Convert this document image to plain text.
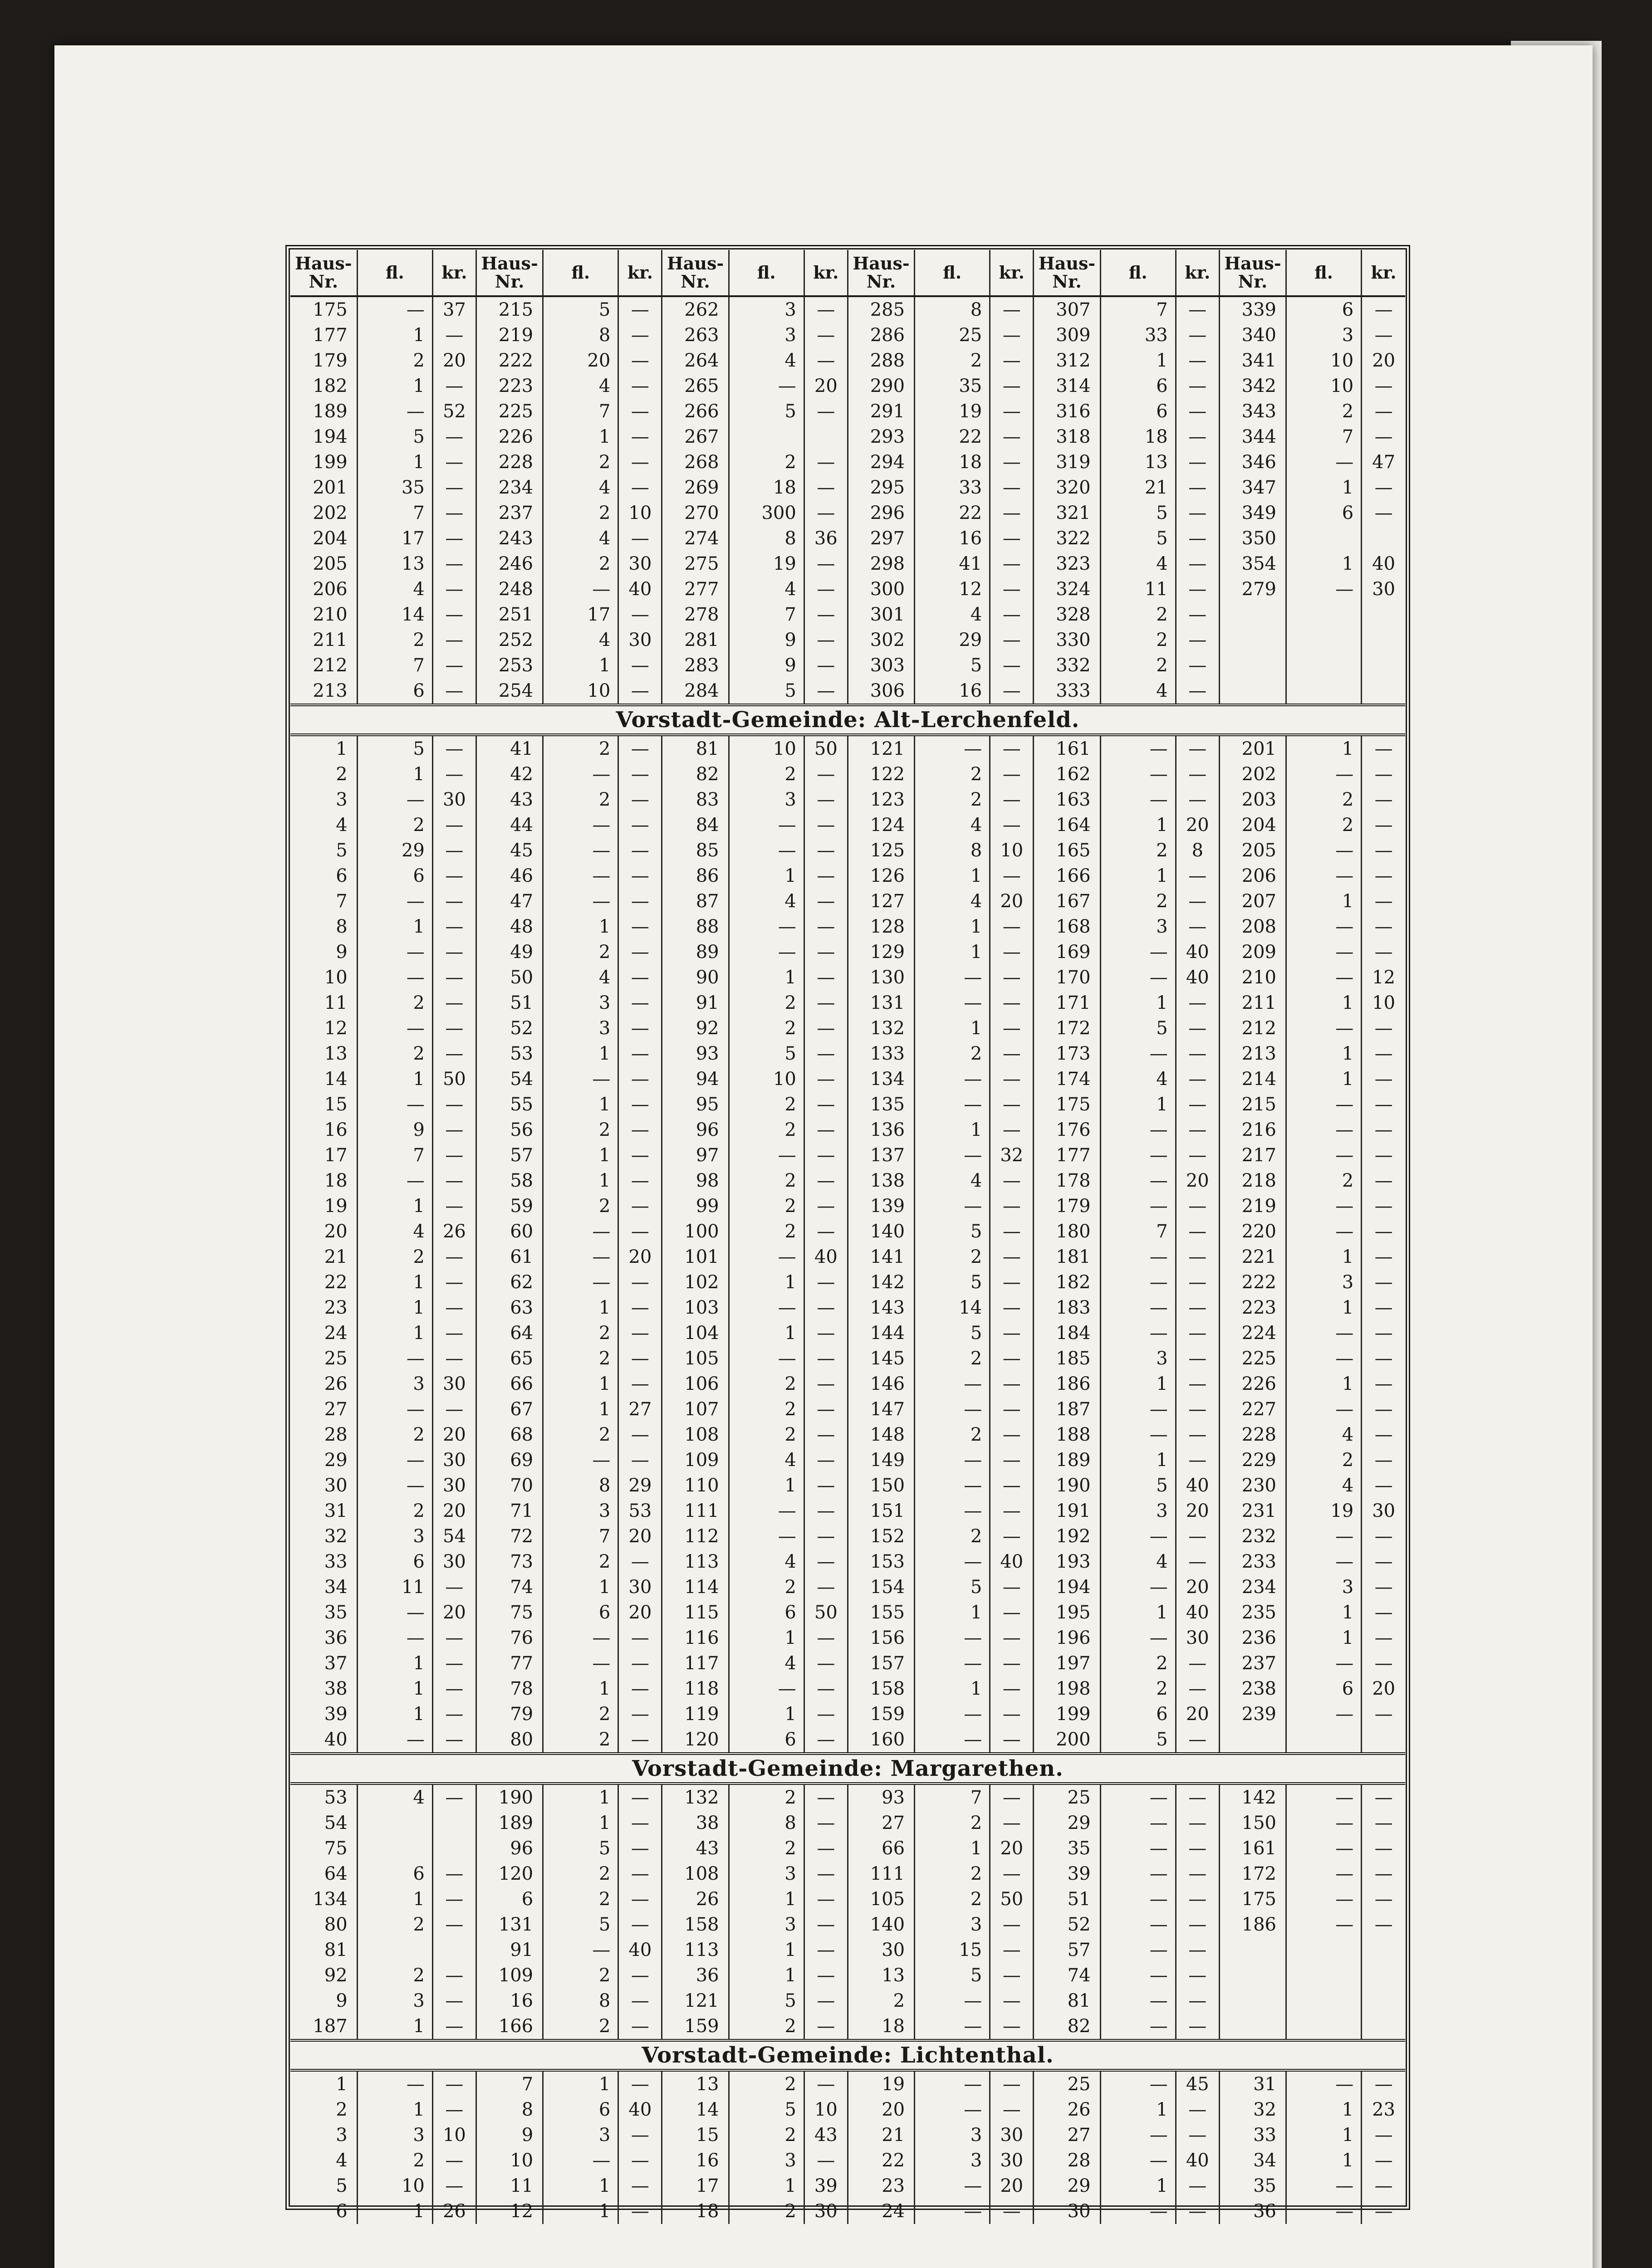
Haus-
Nr.	fl.	kr.	Haus-
Nr.	fl.	kr.	Haus-
Nr.	fl.	kr.	Haus-
Nr.	fl.	kr.	Haus-
Nr.	fl.	kr.	Haus-
Nr.	fl.	kr.
175	—	37	215	5	—	262	3	—	285	8	—	307	7	—	339	6	—
177	1	—	219	8	—	263	3	—	286	25	—	309	33	—	340	3	—
179	2	20	222	20	—	264	4	—	288	2	—	312	1	—	341	10	20
182	1	—	223	4	—	265	—	20	290	35	—	314	6	—	342	10	—
189	—	52	225	7	—	266	5	—	291	19	—	316	6	—	343	2	—
194	5	—	226	1	—	267			293	22	—	318	18	—	344	7	—
199	1	—	228	2	—	268	2	—	294	18	—	319	13	—	346	—	47
201	35	—	234	4	—	269	18	—	295	33	—	320	21	—	347	1	—
202	7	—	237	2	10	270	300	—	296	22	—	321	5	—	349	6	—
204	17	—	243	4	—	274	8	36	297	16	—	322	5	—	350		
205	13	—	246	2	30	275	19	—	298	41	—	323	4	—	354	1	40
206	4	—	248	—	40	277	4	—	300	12	—	324	11	—	279	—	30
210	14	—	251	17	—	278	7	—	301	4	—	328	2	—			
211	2	—	252	4	30	281	9	—	302	29	—	330	2	—			
212	7	—	253	1	—	283	9	—	303	5	—	332	2	—			
213	6	—	254	10	—	284	5	—	306	16	—	333	4	—			
Vorstadt-Gemeinde: Alt-Lerchenfeld.																	
1	5	—	41	2	—	81	10	50	121	—	—	161	—	—	201	1	—
2	1	—	42	—	—	82	2	—	122	2	—	162	—	—	202	—	—
3	—	30	43	2	—	83	3	—	123	2	—	163	—	—	203	2	—
4	2	—	44	—	—	84	—	—	124	4	—	164	1	20	204	2	—
5	29	—	45	—	—	85	—	—	125	8	10	165	2	8	205	—	—
6	6	—	46	—	—	86	1	—	126	1	—	166	1	—	206	—	—
7	—	—	47	—	—	87	4	—	127	4	20	167	2	—	207	1	—
8	1	—	48	1	—	88	—	—	128	1	—	168	3	—	208	—	—
9	—	—	49	2	—	89	—	—	129	1	—	169	—	40	209	—	—
10	—	—	50	4	—	90	1	—	130	—	—	170	—	40	210	—	12
11	2	—	51	3	—	91	2	—	131	—	—	171	1	—	211	1	10
12	—	—	52	3	—	92	2	—	132	1	—	172	5	—	212	—	—
13	2	—	53	1	—	93	5	—	133	2	—	173	—	—	213	1	—
14	1	50	54	—	—	94	10	—	134	—	—	174	4	—	214	1	—
15	—	—	55	1	—	95	2	—	135	—	—	175	1	—	215	—	—
16	9	—	56	2	—	96	2	—	136	1	—	176	—	—	216	—	—
17	7	—	57	1	—	97	—	—	137	—	32	177	—	—	217	—	—
18	—	—	58	1	—	98	2	—	138	4	—	178	—	20	218	2	—
19	1	—	59	2	—	99	2	—	139	—	—	179	—	—	219	—	—
20	4	26	60	—	—	100	2	—	140	5	—	180	7	—	220	—	—
21	2	—	61	—	20	101	—	40	141	2	—	181	—	—	221	1	—
22	1	—	62	—	—	102	1	—	142	5	—	182	—	—	222	3	—
23	1	—	63	1	—	103	—	—	143	14	—	183	—	—	223	1	—
24	1	—	64	2	—	104	1	—	144	5	—	184	—	—	224	—	—
25	—	—	65	2	—	105	—	—	145	2	—	185	3	—	225	—	—
26	3	30	66	1	—	106	2	—	146	—	—	186	1	—	226	1	—
27	—	—	67	1	27	107	2	—	147	—	—	187	—	—	227	—	—
28	2	20	68	2	—	108	2	—	148	2	—	188	—	—	228	4	—
29	—	30	69	—	—	109	4	—	149	—	—	189	1	—	229	2	—
30	—	30	70	8	29	110	1	—	150	—	—	190	5	40	230	4	—
31	2	20	71	3	53	111	—	—	151	—	—	191	3	20	231	19	30
32	3	54	72	7	20	112	—	—	152	2	—	192	—	—	232	—	—
33	6	30	73	2	—	113	4	—	153	—	40	193	4	—	233	—	—
34	11	—	74	1	30	114	2	—	154	5	—	194	—	20	234	3	—
35	—	20	75	6	20	115	6	50	155	1	—	195	1	40	235	1	—
36	—	—	76	—	—	116	1	—	156	—	—	196	—	30	236	1	—
37	1	—	77	—	—	117	4	—	157	—	—	197	2	—	237	—	—
38	1	—	78	1	—	118	—	—	158	1	—	198	2	—	238	6	20
39	1	—	79	2	—	119	1	—	159	—	—	199	6	20	239	—	—
40	—	—	80	2	—	120	6	—	160	—	—	200	5	—			
Vorstadt-Gemeinde: Margarethen.																	
53	4	—	190	1	—	132	2	—	93	7	—	25	—	—	142	—	—
54			189	1	—	38	8	—	27	2	—	29	—	—	150	—	—
75			96	5	—	43	2	—	66	1	20	35	—	—	161	—	—
64	6	—	120	2	—	108	3	—	111	2	—	39	—	—	172	—	—
134	1	—	6	2	—	26	1	—	105	2	50	51	—	—	175	—	—
80	2	—	131	5	—	158	3	—	140	3	—	52	—	—	186	—	—
81			91	—	40	113	1	—	30	15	—	57	—	—			
92	2	—	109	2	—	36	1	—	13	5	—	74	—	—			
9	3	—	16	8	—	121	5	—	2	—	—	81	—	—			
187	1	—	166	2	—	159	2	—	18	—	—	82	—	—			
Vorstadt-Gemeinde: Lichtenthal.																	
1	—	—	7	1	—	13	2	—	19	—	—	25	—	45	31	—	—
2	1	—	8	6	40	14	5	10	20	—	—	26	1	—	32	1	23
3	3	10	9	3	—	15	2	43	21	3	30	27	—	—	33	1	—
4	2	—	10	—	—	16	3	—	22	3	30	28	—	40	34	1	—
5	10	—	11	1	—	17	1	39	23	—	20	29	1	—	35	—	—
6	1	26	12	1	—	18	2	30	24	—	—	30	—	—	36	—	—
